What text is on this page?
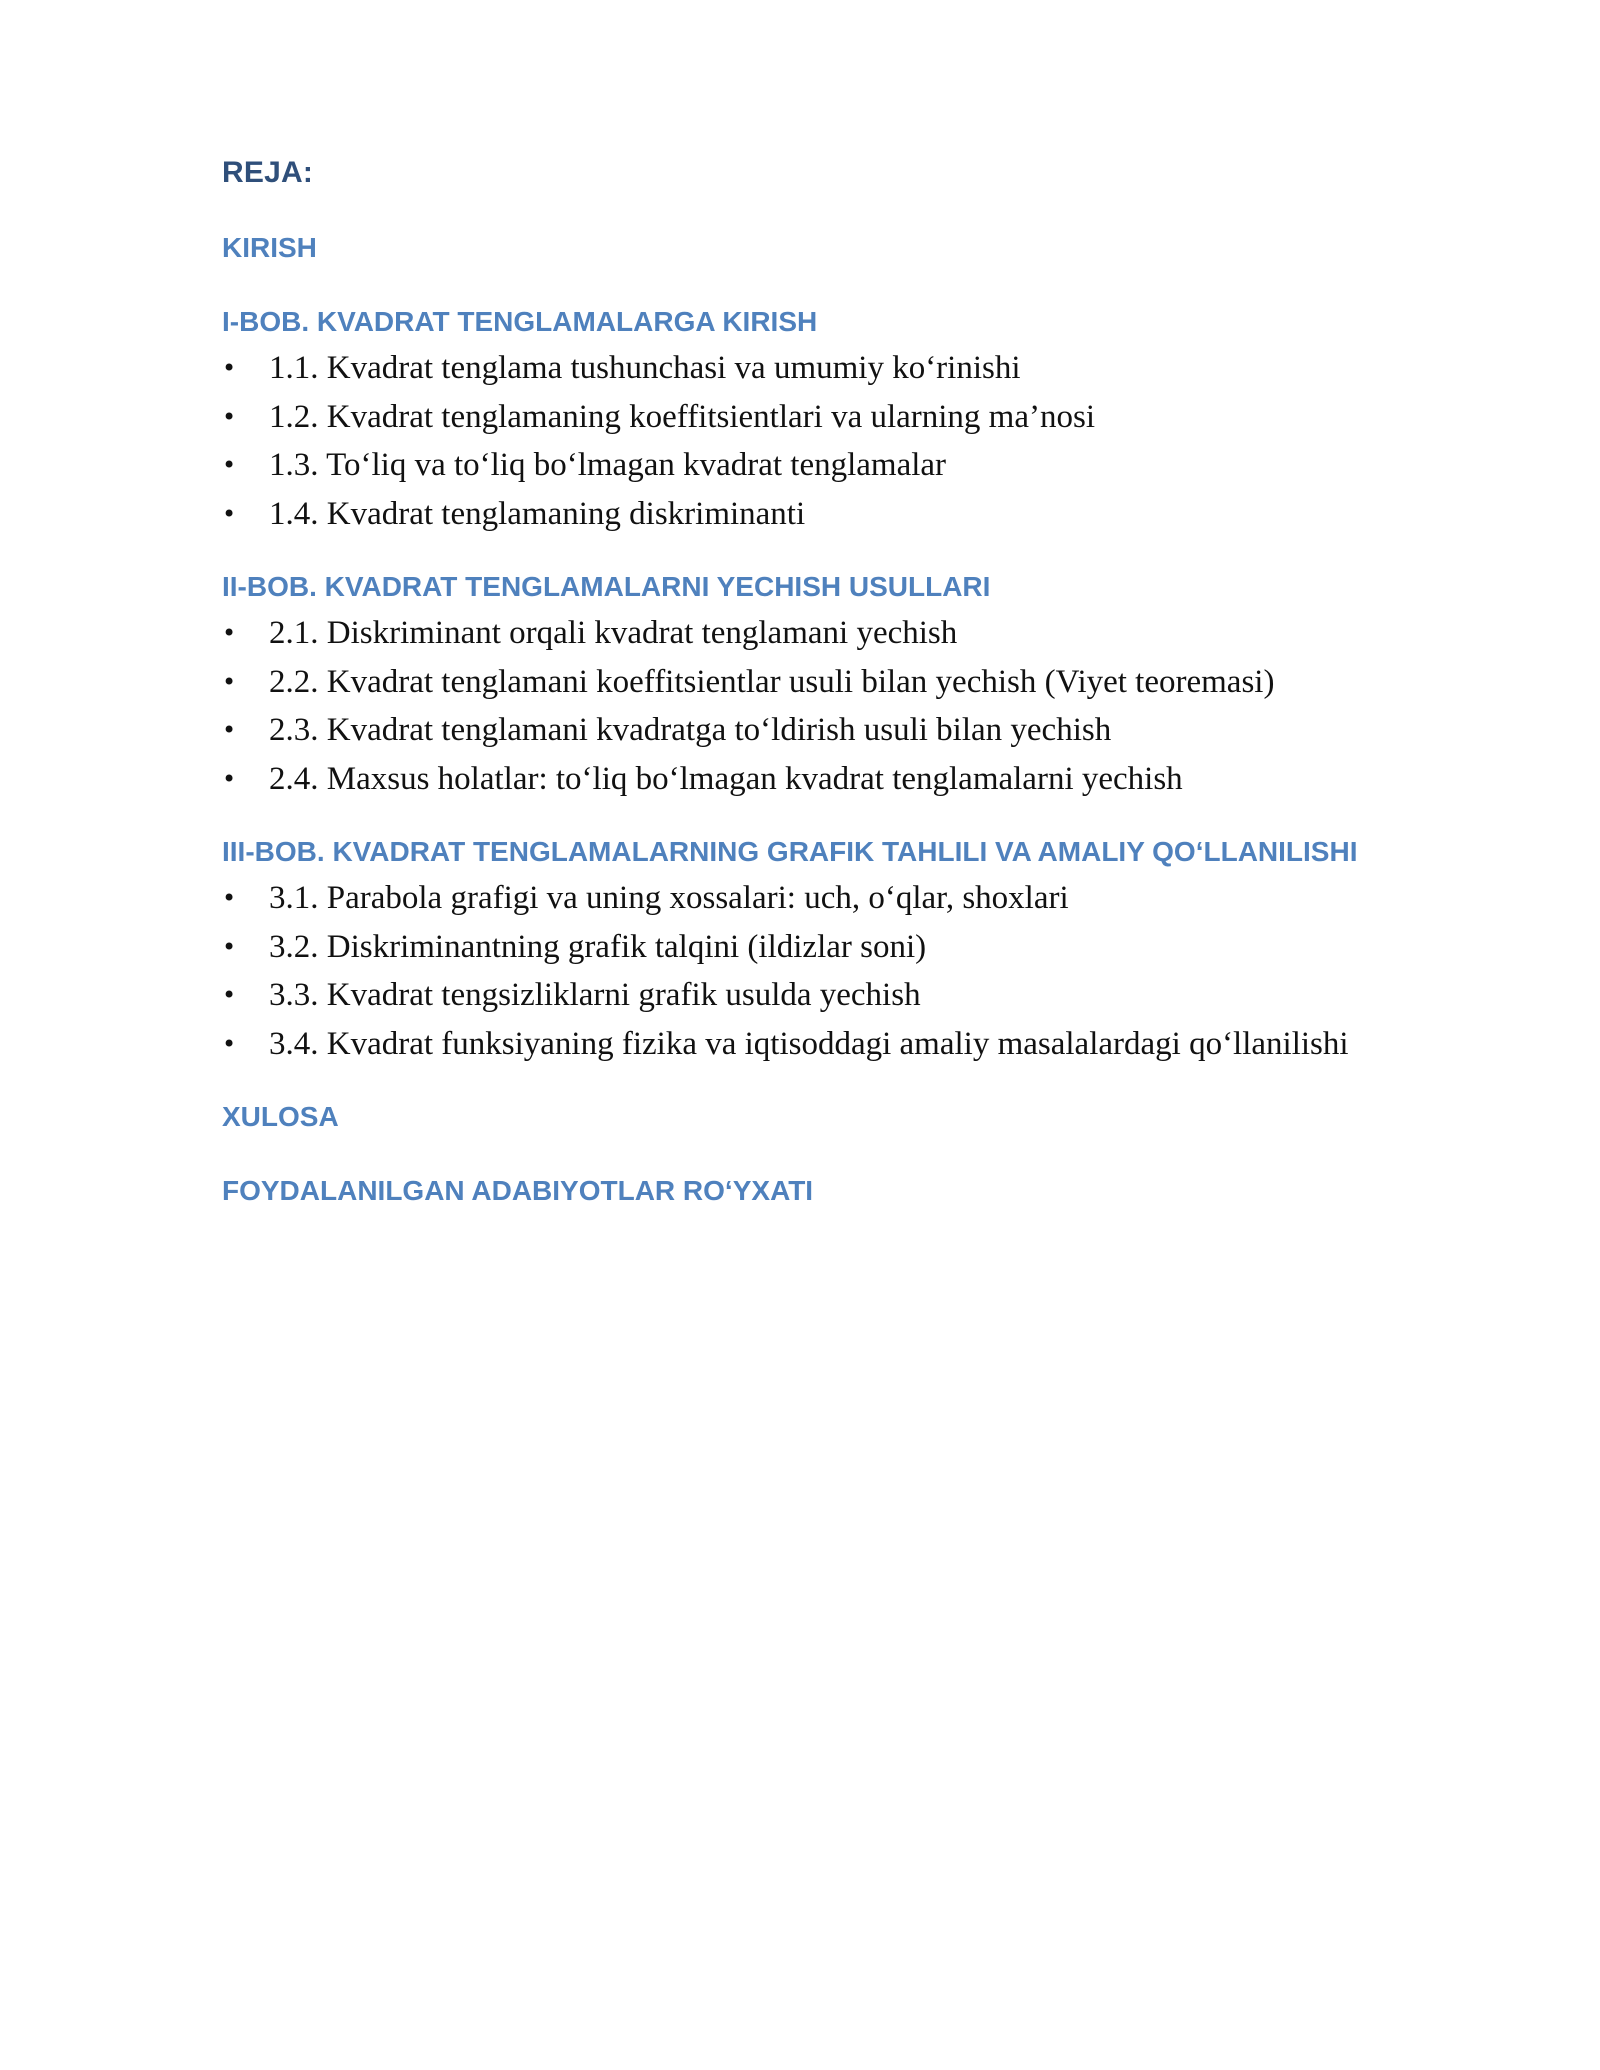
REJA:
KIRISH
I-BOB. KVADRAT TENGLAMALARGA KIRISH
• 1.1. Kvadrat tenglama tushunchasi va umumiy ko‘rinishi
• 1.2. Kvadrat tenglamaning koeffitsientlari va ularning ma’nosi
• 1.3. To‘liq va to‘liq bo‘lmagan kvadrat tenglamalar
• 1.4. Kvadrat tenglamaning diskriminanti
II-BOB. KVADRAT TENGLAMALARNI YECHISH USULLARI
• 2.1. Diskriminant orqali kvadrat tenglamani yechish
• 2.2. Kvadrat tenglamani koeffitsientlar usuli bilan yechish (Viyet teoremasi)
• 2.3. Kvadrat tenglamani kvadratga to‘ldirish usuli bilan yechish
• 2.4. Maxsus holatlar: to‘liq bo‘lmagan kvadrat tenglamalarni yechish
III-BOB. KVADRAT TENGLAMALARNING GRAFIK TAHLILI VA AMALIY QO‘LLANILISHI
• 3.1. Parabola grafigi va uning xossalari: uch, o‘qlar, shoxlari
• 3.2. Diskriminantning grafik talqini (ildizlar soni)
• 3.3. Kvadrat tengsizliklarni grafik usulda yechish
• 3.4. Kvadrat funksiyaning fizika va iqtisoddagi amaliy masalalardagi qo‘llanilishi
XULOSA
FOYDALANILGAN ADABIYOTLAR RO‘YXATI
